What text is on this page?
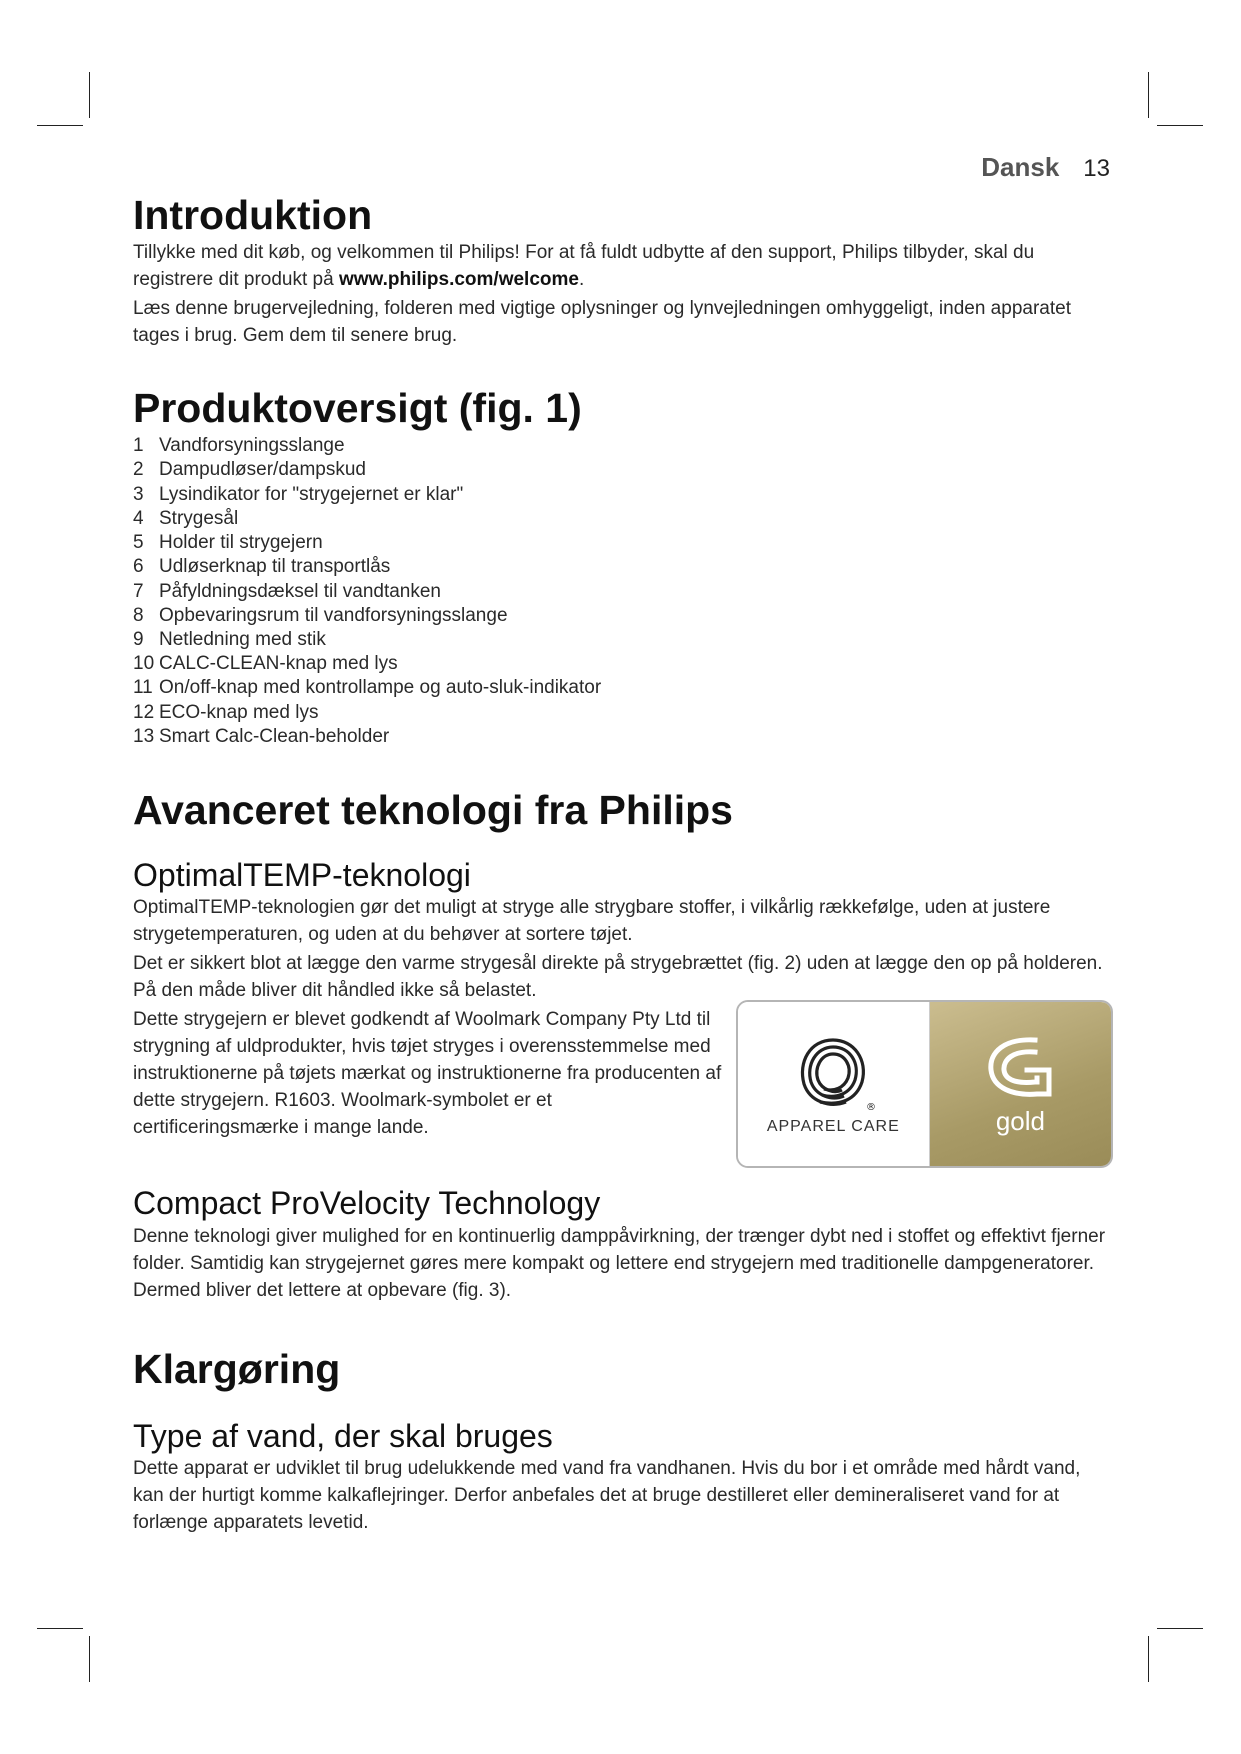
Dansk 13
Introduktion

Tillykke med dit køb, og velkommen til Philips! For at få fuldt udbytte af den support, Philips tilbyder, skal du registrere dit produkt på www.philips.com/welcome.

Læs denne brugervejledning, folderen med vigtige oplysninger og lynvejledningen omhyggeligt, inden apparatet tages i brug. Gem dem til senere brug.

Produktoversigt (fig. 1)
1 Vandforsyningsslange
2 Dampudløser/dampskud
3 Lysindikator for "strygejernet er klar"
4 Strygesål
5 Holder til strygejern
6 Udløserknap til transportlås
7 Påfyldningsdæksel til vandtanken
8 Opbevaringsrum til vandforsyningsslange
9 Netledning med stik
10 CALC-CLEAN-knap med lys
11 On/off-knap med kontrollampe og auto-sluk-indikator
12 ECO-knap med lys
13 Smart Calc-Clean-beholder
Avanceret teknologi fra Philips
OptimalTEMP-teknologi

OptimalTEMP-teknologien gør det muligt at stryge alle strygbare stoffer, i vilkårlig rækkefølge, uden at justere strygetemperaturen, og uden at du behøver at sortere tøjet.

Det er sikkert blot at lægge den varme strygesål direkte på strygebrættet (fig. 2) uden at lægge den op på holderen. På den måde bliver dit håndled ikke så belastet.

Dette strygejern er blevet godkendt af Woolmark Company Pty Ltd til strygning af uldprodukter, hvis tøjet stryges i overensstemmelse med instruktionerne på tøjets mærkat og instruktionerne fra producenten af dette strygejern. R1603. Woolmark-symbolet er et certificeringsmærke i mange lande.

®
APPAREL CARE	gold
Compact ProVelocity Technology

Denne teknologi giver mulighed for en kontinuerlig damppåvirkning, der trænger dybt ned i stoffet og effektivt fjerner folder. Samtidig kan strygejernet gøres mere kompakt og lettere end strygejern med traditionelle dampgeneratorer. Dermed bliver det lettere at opbevare (fig. 3).

Klargøring
Type af vand, der skal bruges

Dette apparat er udviklet til brug udelukkende med vand fra vandhanen. Hvis du bor i et område med hårdt vand, kan der hurtigt komme kalkaflejringer. Derfor anbefales det at bruge destilleret eller demineraliseret vand for at forlænge apparatets levetid.
